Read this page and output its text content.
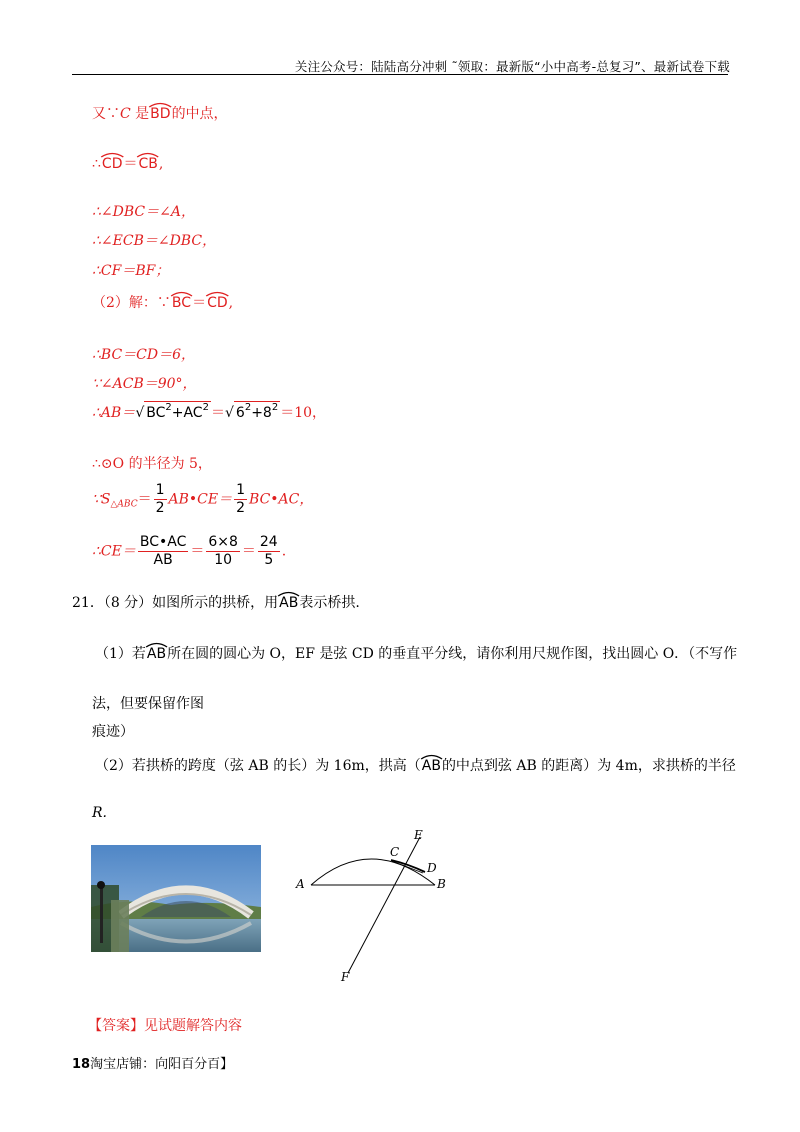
关注公众号：陆陆高分冲刺 ˜领取：最新版“小中高考-总复习”、最新试卷下载
又∵C 是
BD的中点，
∴
CD＝
CB,
∴∠DBC＝∠A，
∴∠ECB＝∠DBC，
∴CF＝BF；
（2）解：∵
BC＝
CD,
∴BC＝CD＝6，
∵∠ACB＝90°，
∴AB＝√ $BC^2+AC^2$ ＝√ $6^2+8^2 =10$，
∴⊙O 的半径为 5，
$\because S_{\triangle ABC}= \frac{1}{2}$ AB•CE＝ $\frac{1}{2}$ BC•AC，
∴CE＝ $\frac{BC•AC}{AB} = \frac{6\times 8}{10} = \frac{24}{5}$ .
21．（8 分）如图所示的拱桥，用
AB表示桥拱.
（1）若
AB所在圆的圆心为 O，EF 是弦 CD 的垂直平分线，请你利用尺规作图，找出圆心 O．（不写作
法，但要保留作图
痕迹）
（2）若拱桥的跨度（弦 AB 的长）为 16m，拱高（
AB的中点到弦 AB 的距离）为 4m，求拱桥的半径
R.
A	B
C
D
E
F
【答案】见试题解答内容
18淘宝店铺：向阳百分百】
